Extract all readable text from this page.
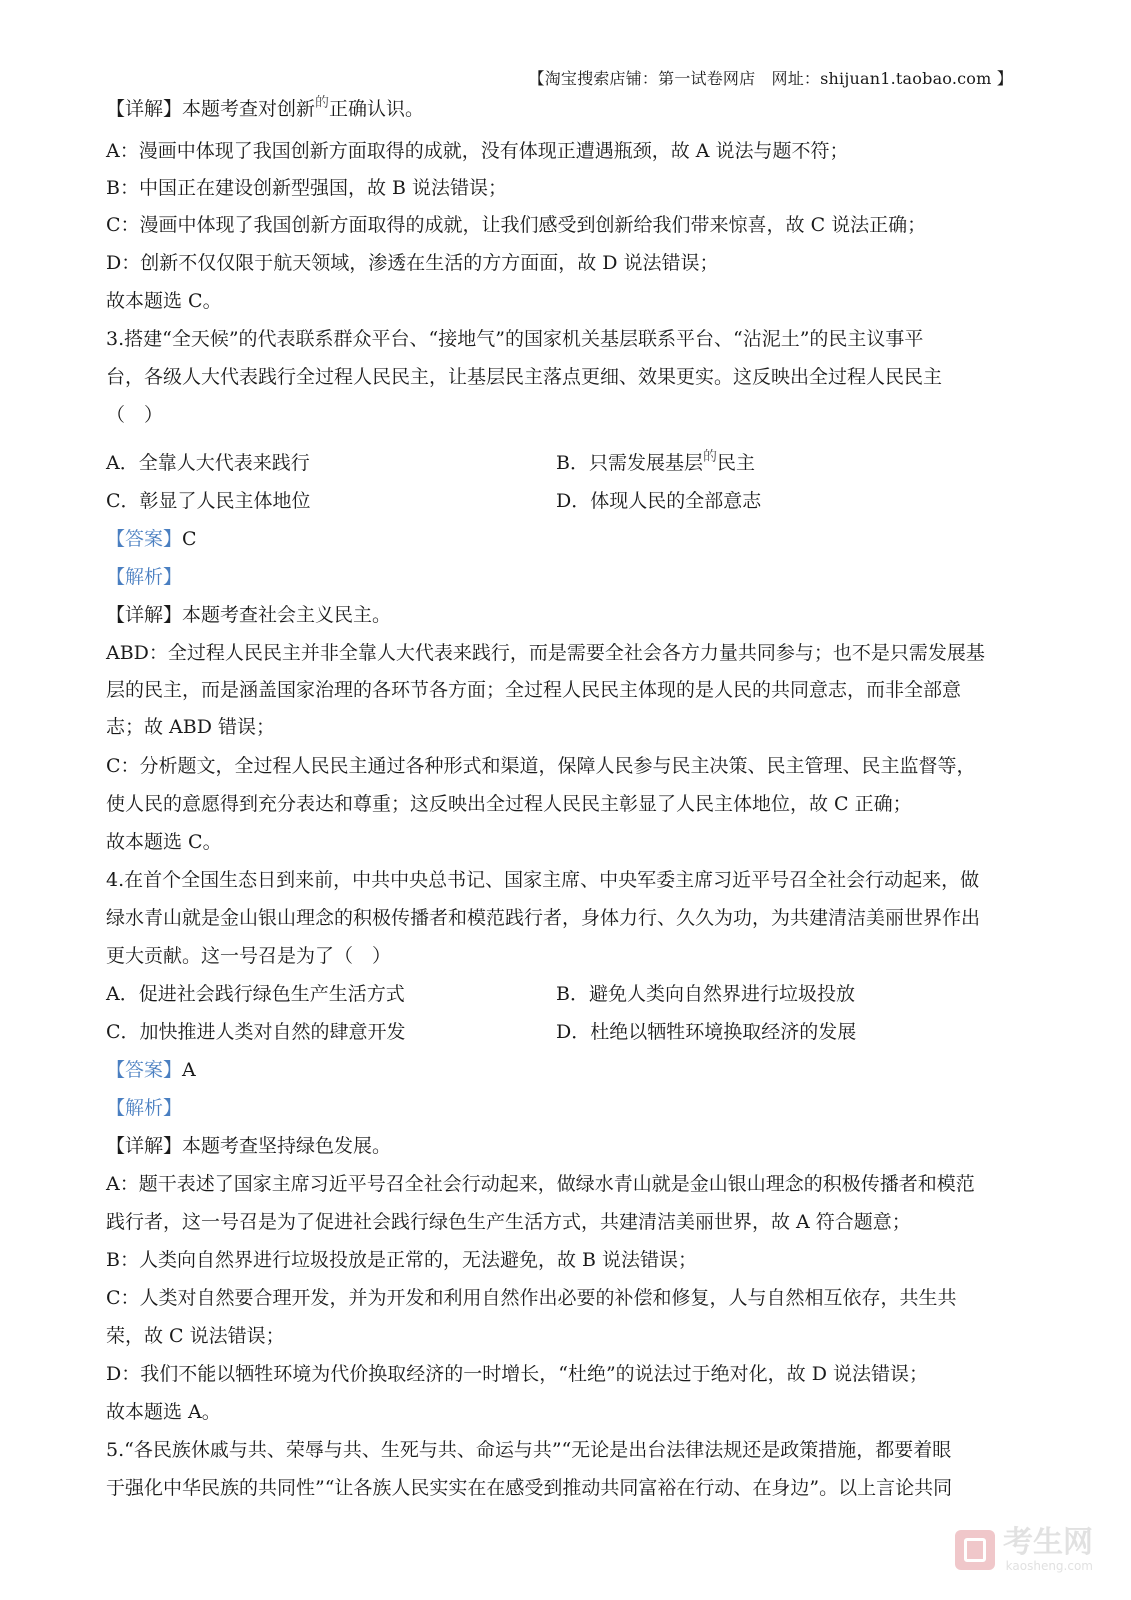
【淘宝搜索店铺：第一试卷网店　网址：shijuan1.taobao.com 】
【详解】本题考查对创新$^的$正确认识。
A：漫画中体现了我国创新方面取得的成就，没有体现正遭遇瓶颈，故 A 说法与题不符；
B：中国正在建设创新型强国，故 B 说法错误；
C：漫画中体现了我国创新方面取得的成就，让我们感受到创新给我们带来惊喜，故 C 说法正确；
D：创新不仅仅限于航天领域，渗透在生活的方方面面，故 D 说法错误；
故本题选 C。
3.搭建“全天候”的代表联系群众平台、“接地气”的国家机关基层联系平台、“沾泥土”的民主议事平
台，各级人大代表践行全过程人民民主，让基层民主落点更细、效果更实。这反映出全过程人民民主
（　）
A．全靠人大代表来践行	B．只需发展基层$^的$民主
C．彰显了人民主体地位	D．体现人民的全部意志
【答案】C
【解析】
【详解】本题考查社会主义民主。
ABD：全过程人民民主并非全靠人大代表来践行，而是需要全社会各方力量共同参与；也不是只需发展基
层的民主，而是涵盖国家治理的各环节各方面；全过程人民民主体现的是人民的共同意志，而非全部意
志；故 ABD 错误；
C：分析题文，全过程人民民主通过各种形式和渠道，保障人民参与民主决策、民主管理、民主监督等，
使人民的意愿得到充分表达和尊重；这反映出全过程人民民主彰显了人民主体地位，故 C 正确；
故本题选 C。
4.在首个全国生态日到来前，中共中央总书记、国家主席、中央军委主席习近平号召全社会行动起来，做
绿水青山就是金山银山理念的积极传播者和模范践行者，身体力行、久久为功，为共建清洁美丽世界作出
更大贡献。这一号召是为了（　）
A．促进社会践行绿色生产生活方式	B．避免人类向自然界进行垃圾投放
C．加快推进人类对自然的肆意开发	D．杜绝以牺牲环境换取经济的发展
【答案】A
【解析】
【详解】本题考查坚持绿色发展。
A：题干表述了国家主席习近平号召全社会行动起来，做绿水青山就是金山银山理念的积极传播者和模范
践行者，这一号召是为了促进社会践行绿色生产生活方式，共建清洁美丽世界，故 A 符合题意；
B：人类向自然界进行垃圾投放是正常的，无法避免，故 B 说法错误；
C：人类对自然要合理开发，并为开发和利用自然作出必要的补偿和修复，人与自然相互依存，共生共
荣，故 C 说法错误；
D：我们不能以牺牲环境为代价换取经济的一时增长，“杜绝”的说法过于绝对化，故 D 说法错误；
故本题选 A。
5.“各民族休戚与共、荣辱与共、生死与共、命运与共”“无论是出台法律法规还是政策措施，都要着眼
于强化中华民族的共同性”“让各族人民实实在在感受到推动共同富裕在行动、在身边”。以上言论共同
考生网
kaosheng.com
